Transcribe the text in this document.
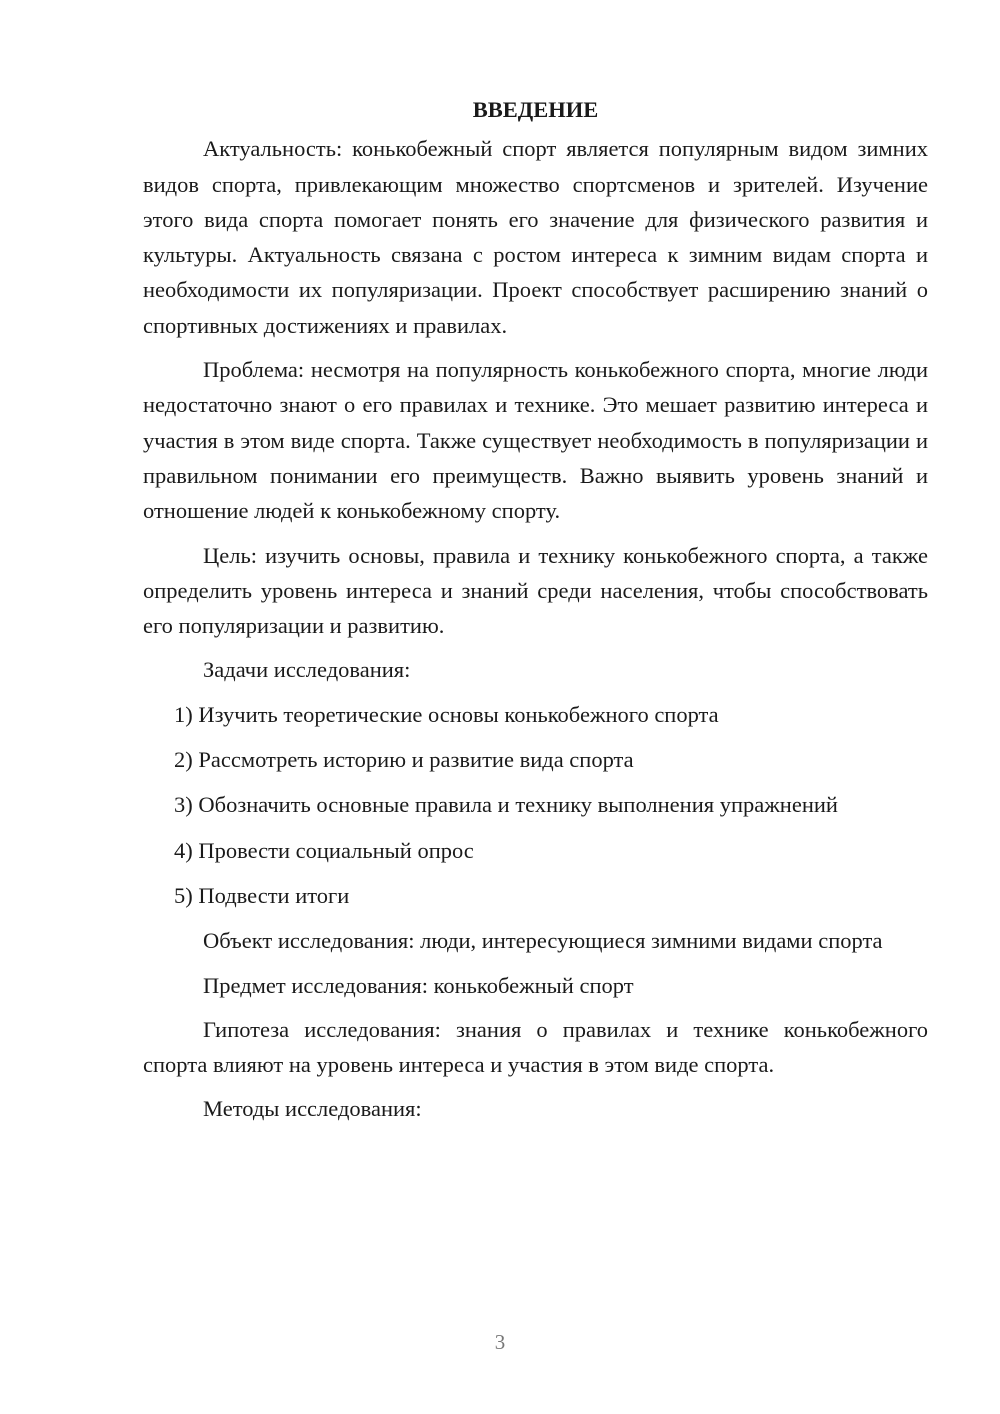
ВВЕДЕНИЕ

Актуальность: конькобежный спорт является популярным видом зимних видов спорта, привлекающим множество спортсменов и зрителей. Изучение этого вида спорта помогает понять его значение для физического развития и культуры. Актуальность связана с ростом интереса к зимним видам спорта и необходимости их популяризации. Проект способствует расширению знаний о спортивных достижениях и правилах.

Проблема: несмотря на популярность конькобежного спорта, многие люди недостаточно знают о его правилах и технике. Это мешает развитию интереса и участия в этом виде спорта. Также существует необходимость в популяризации и правильном понимании его преимуществ. Важно выявить уровень знаний и отношение людей к конькобежному спорту.

Цель: изучить основы, правила и технику конькобежного спорта, а также определить уровень интереса и знаний среди населения, чтобы способствовать его популяризации и развитию.

Задачи исследования:

1) Изучить теоретические основы конькобежного спорта
2) Рассмотреть историю и развитие вида спорта
3) Обозначить основные правила и технику выполнения упражнений
4) Провести социальный опрос
5) Подвести итоги

Объект исследования: люди, интересующиеся зимними видами спорта

Предмет исследования: конькобежный спорт

Гипотеза исследования: знания о правилах и технике конькобежного спорта влияют на уровень интереса и участия в этом виде спорта.

Методы исследования:

3
